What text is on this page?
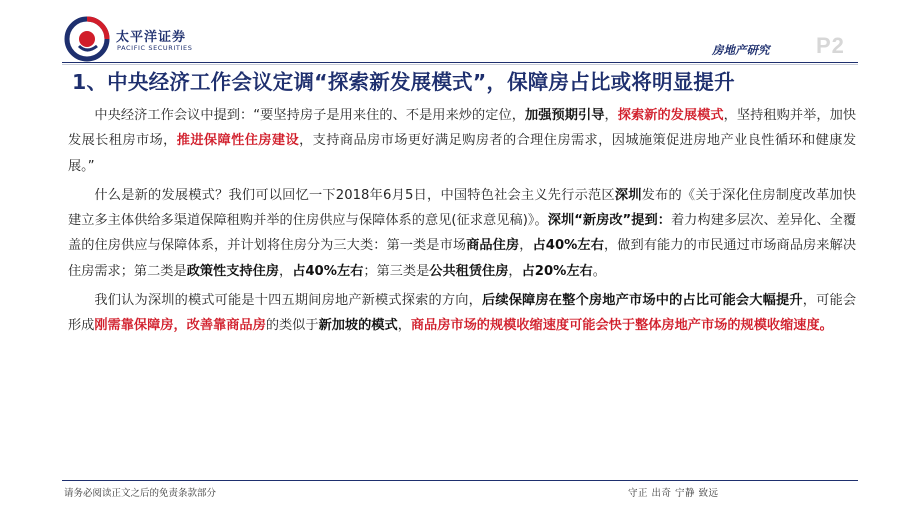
太平洋证券
PACIFIC SECURITIES	房地产研究 P2
1、中央经济工作会议定调“探索新发展模式”，保障房占比或将明显提升

中央经济工作会议中提到：“要坚持房子是用来住的、不是用来炒的定位，加强预期引导，探索新的发展模式，坚持租购并举，加快发展长租房市场，推进保障性住房建设，支持商品房市场更好满足购房者的合理住房需求，因城施策促进房地产业良性循环和健康发展。”

什么是新的发展模式？我们可以回忆一下2018年6月5日，中国特色社会主义先行示范区深圳发布的《关于深化住房制度改革加快建立多主体供给多渠道保障租购并举的住房供应与保障体系的意见(征求意见稿)》。深圳“新房改”提到：着力构建多层次、差异化、全覆盖的住房供应与保障体系，并计划将住房分为三大类：第一类是市场商品住房，占40%左右，做到有能力的市民通过市场商品房来解决住房需求；第二类是政策性支持住房，占40%左右；第三类是公共租赁住房，占20%左右。

我们认为深圳的模式可能是十四五期间房地产新模式探索的方向，后续保障房在整个房地产市场中的占比可能会大幅提升，可能会形成刚需靠保障房，改善靠商品房的类似于新加坡的模式，商品房市场的规模收缩速度可能会快于整体房地产市场的规模收缩速度。

请务必阅读正文之后的免责条款部分	守正 出奇 宁静 致远
